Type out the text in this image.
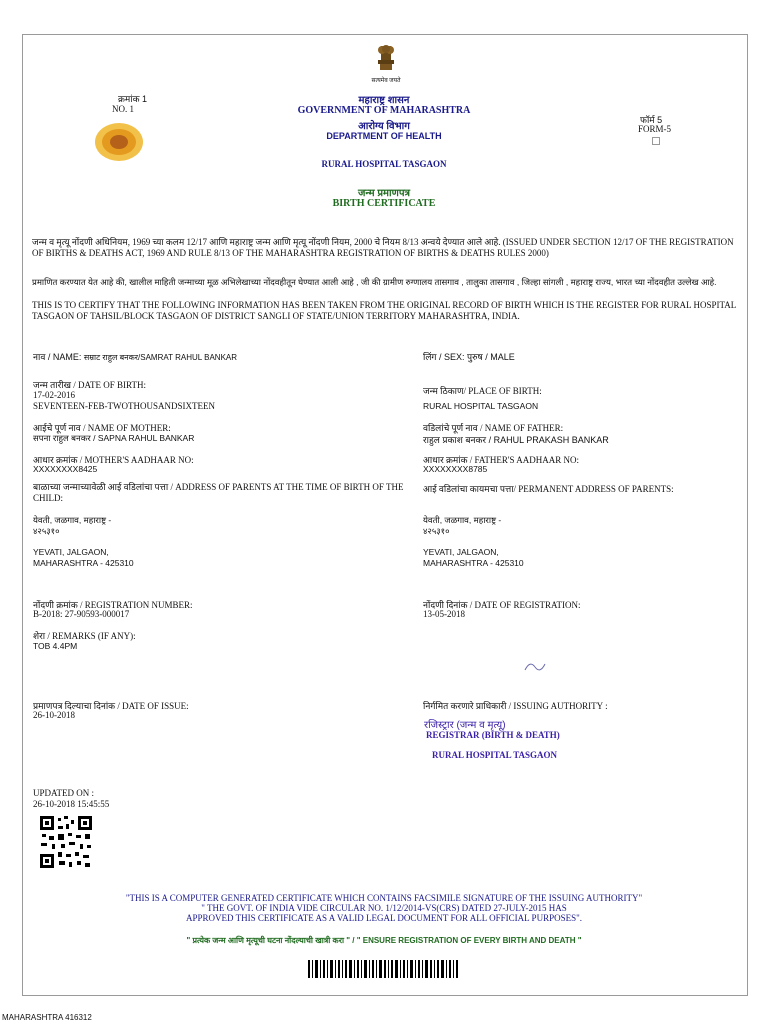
सत्यमेव जयते
क्रमांक 1
NO. 1
महाराष्ट्र शासन
GOVERNMENT OF MAHARASHTRA
आरोग्य विभाग
DEPARTMENT OF HEALTH
फॉर्म 5
FORM-5
RURAL HOSPITAL TASGAON
जन्म प्रमाणपत्र
BIRTH CERTIFICATE
जन्म व मृत्यू नोंदणी अधिनियम, 1969 च्या कलम 12/17 आणि महाराष्ट्र जन्म आणि मृत्यू नोंदणी नियम, 2000 चे नियम 8/13 अन्वये देण्यात आले आहे. (ISSUED UNDER SECTION 12/17 OF THE REGISTRATION OF BIRTHS & DEATHS ACT, 1969 AND RULE 8/13 OF THE MAHARASHTRA REGISTRATION OF BIRTHS & DEATHS RULES 2000)
प्रमाणित करण्यात येत आहे की, खालील माहिती जन्माच्या मूळ अभिलेखाच्या नोंदवहीतून घेण्यात आली आहे , जी की ग्रामीण रुग्णालय तासगाव , तालुका तासगाव , जिल्हा सांगली , महाराष्ट्र राज्य, भारत च्या नोंदवहीत उल्लेख आहे.
THIS IS TO CERTIFY THAT THE FOLLOWING INFORMATION HAS BEEN TAKEN FROM THE ORIGINAL RECORD OF BIRTH WHICH IS THE REGISTER FOR RURAL HOSPITAL TASGAON OF TAHSIL/BLOCK TASGAON OF DISTRICT SANGLI OF STATE/UNION TERRITORY MAHARASHTRA, INDIA.
नाव / NAME: सम्राट राहुल बनकर/SAMRAT RAHUL BANKAR	लिंग / SEX: पुरुष / MALE
जन्म तारीख / DATE OF BIRTH:
17-02-2016
SEVENTEEN-FEB-TWOTHOUSANDSIXTEEN
जन्म ठिकाण/ PLACE OF BIRTH:
RURAL HOSPITAL TASGAON
आईचे पूर्ण नाव / NAME OF MOTHER:
सपना राहुल बनकर / SAPNA RAHUL BANKAR
वडिलांचे पूर्ण नाव / NAME OF FATHER:
राहुल प्रकाश बनकर / RAHUL PRAKASH BANKAR
आधार क्रमांक / MOTHER'S AADHAAR NO:
XXXXXXXX8425
आधार क्रमांक / FATHER'S AADHAAR NO:
XXXXXXXX8785
बाळाच्या जन्माच्यावेळी आई वडिलांचा पत्ता / ADDRESS OF PARENTS AT THE TIME OF BIRTH OF THE CHILD:
आई वडिलांचा कायमचा पत्ता/ PERMANENT ADDRESS OF PARENTS:
येवती, जळगाव, महाराष्ट्र -
४२५३१०
YEVATI, JALGAON,
MAHARASHTRA - 425310
येवती, जळगाव, महाराष्ट्र -
४२५३१०
YEVATI, JALGAON,
MAHARASHTRA - 425310
नोंदणी क्रमांक / REGISTRATION NUMBER:
B-2018: 27-90593-000017
नोंदणी दिनांक / DATE OF REGISTRATION:
13-05-2018
शेरा / REMARKS (IF ANY):
TOB 4.4PM
प्रमाणपत्र दिल्याचा दिनांक / DATE OF ISSUE:
26-10-2018
निर्गमित करणारे प्राधिकारी / ISSUING AUTHORITY :
रजिस्ट्रार (जन्म व मृत्यू)
REGISTRAR (BIRTH & DEATH)
RURAL HOSPITAL TASGAON
UPDATED ON :
26-10-2018 15:45:55
"THIS IS A COMPUTER GENERATED CERTIFICATE WHICH CONTAINS FACSIMILE SIGNATURE OF THE ISSUING AUTHORITY"
" THE GOVT. OF INDIA VIDE CIRCULAR NO. 1/12/2014-VS(CRS) DATED 27-JULY-2015 HAS
APPROVED THIS CERTIFICATE AS A VALID LEGAL DOCUMENT FOR ALL OFFICIAL PURPOSES".
" प्रत्येक जन्म आणि मृत्यूची घटना नोंदल्याची खात्री करा " / " ENSURE REGISTRATION OF EVERY BIRTH AND DEATH "
MAHARASHTRA 416312
